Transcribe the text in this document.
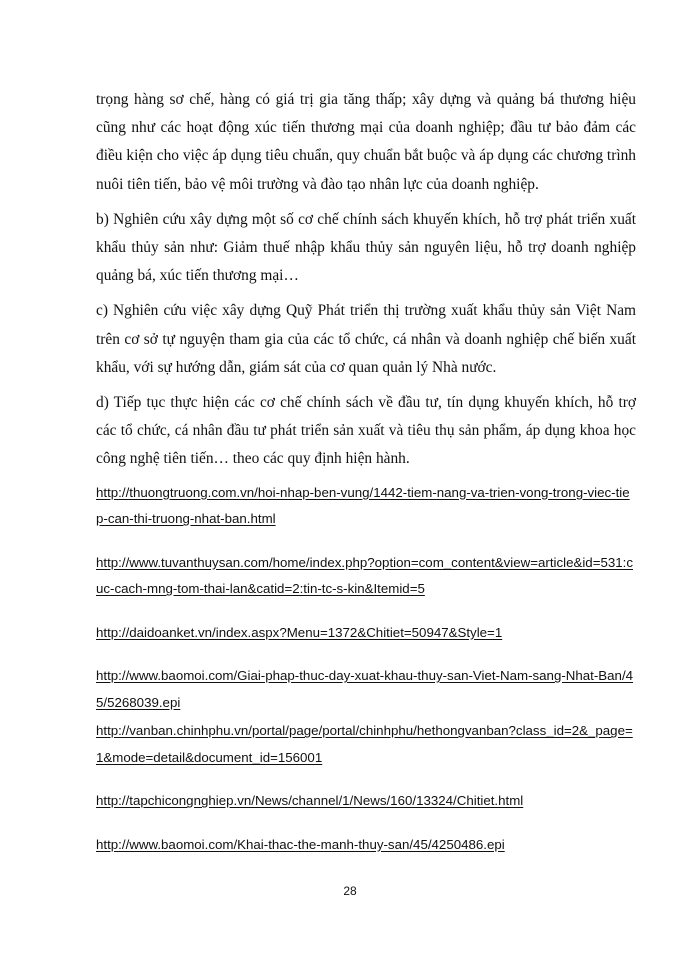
trọng hàng sơ chế, hàng có giá trị gia tăng thấp; xây dựng và quảng bá thương hiệu cũng như các hoạt động xúc tiến thương mại của doanh nghiệp; đầu tư bảo đảm các điều kiện cho việc áp dụng tiêu chuẩn, quy chuẩn bắt buộc và áp dụng các chương trình nuôi tiên tiến, bảo vệ môi trường và đào tạo nhân lực của doanh nghiệp.

b) Nghiên cứu xây dựng một số cơ chế chính sách khuyến khích, hỗ trợ phát triển xuất khẩu thủy sản như: Giảm thuế nhập khẩu thủy sản nguyên liệu, hỗ trợ doanh nghiệp quảng bá, xúc tiến thương mại…

c) Nghiên cứu việc xây dựng Quỹ Phát triển thị trường xuất khẩu thủy sản Việt Nam trên cơ sở tự nguyện tham gia của các tổ chức, cá nhân và doanh nghiệp chế biến xuất khẩu, với sự hướng dẫn, giám sát của cơ quan quản lý Nhà nước.

d) Tiếp tục thực hiện các cơ chế chính sách về đầu tư, tín dụng khuyến khích, hỗ trợ các tổ chức, cá nhân đầu tư phát triển sản xuất và tiêu thụ sản phẩm, áp dụng khoa học công nghệ tiên tiến… theo các quy định hiện hành.

http://thuongtruong.com.vn/hoi-nhap-ben-vung/1442-tiem-nang-va-trien-vong-trong-viec-tiep-can-thi-truong-nhat-ban.html
http://www.tuvanthuysan.com/home/index.php?option=com_content&view=article&id=531:cuc-cach-mng-tom-thai-lan&catid=2:tin-tc-s-kin&Itemid=5
http://daidoanket.vn/index.aspx?Menu=1372&Chitiet=50947&Style=1
http://www.baomoi.com/Giai-phap-thuc-day-xuat-khau-thuy-san-Viet-Nam-sang-Nhat-Ban/45/5268039.epi
http://vanban.chinhphu.vn/portal/page/portal/chinhphu/hethongvanban?class_id=2&_page=1&mode=detail&document_id=156001
http://tapchicongnghiep.vn/News/channel/1/News/160/13324/Chitiet.html
http://www.baomoi.com/Khai-thac-the-manh-thuy-san/45/4250486.epi
28
